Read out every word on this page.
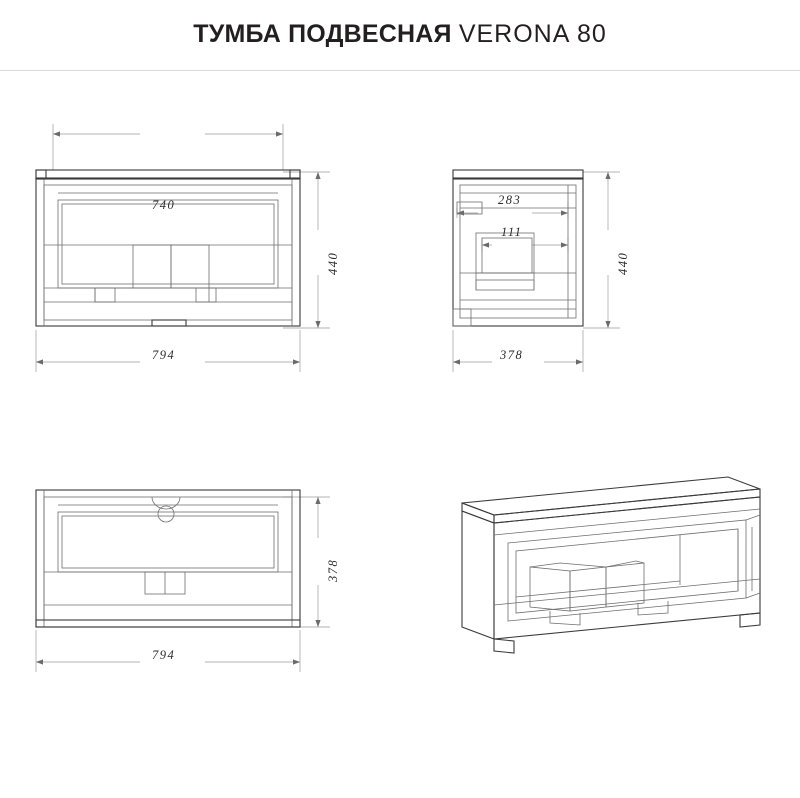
ТУМБА ПОДВЕСНАЯ VERONA 80
740
440
794
283
111
440
378
378
794
